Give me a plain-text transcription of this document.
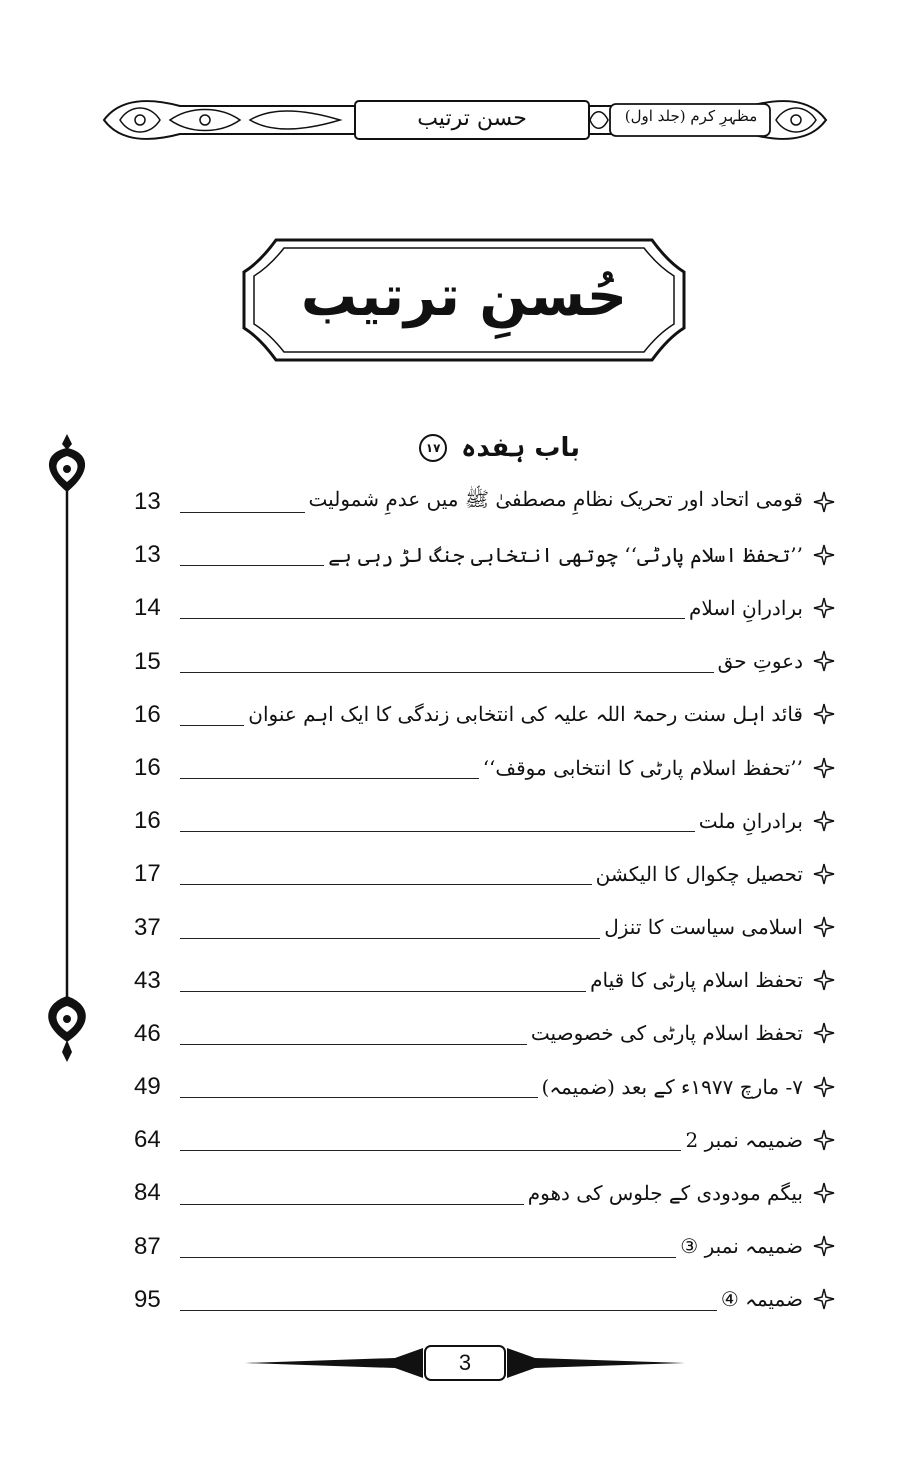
حسن ترتیب	مظہرِ کرم (جلد اول)
حُسنِ ترتیب
باب ہفدہ
١٧
قومی اتحاد اور تحریک نظامِ مصطفیٰ ﷺ میں عدمِ شمولیت
13
’’تحفظ اسلام پارٹی‘‘ چوتھی انتخابی جنگ لڑ رہی ہے
13
برادرانِ اسلام
14
دعوتِ حق
15
قائد اہل سنت رحمۃ اللہ علیہ کی انتخابی زندگی کا ایک اہم عنوان
16
’’تحفظ اسلام پارٹی کا انتخابی موقف‘‘
16
برادرانِ ملت
16
تحصیل چکوال کا الیکشن
17
اسلامی سیاست کا تنزل
37
تحفظ اسلام پارٹی کا قیام
43
تحفظ اسلام پارٹی کی خصوصیت
46
۷- مارچ ۱۹۷۷ء کے بعد (ضمیمہ)
49
ضمیمہ نمبر 2
64
بیگم مودودی کے جلوس کی دھوم
84
ضمیمہ نمبر ③
87
ضمیمہ ④
95
3
